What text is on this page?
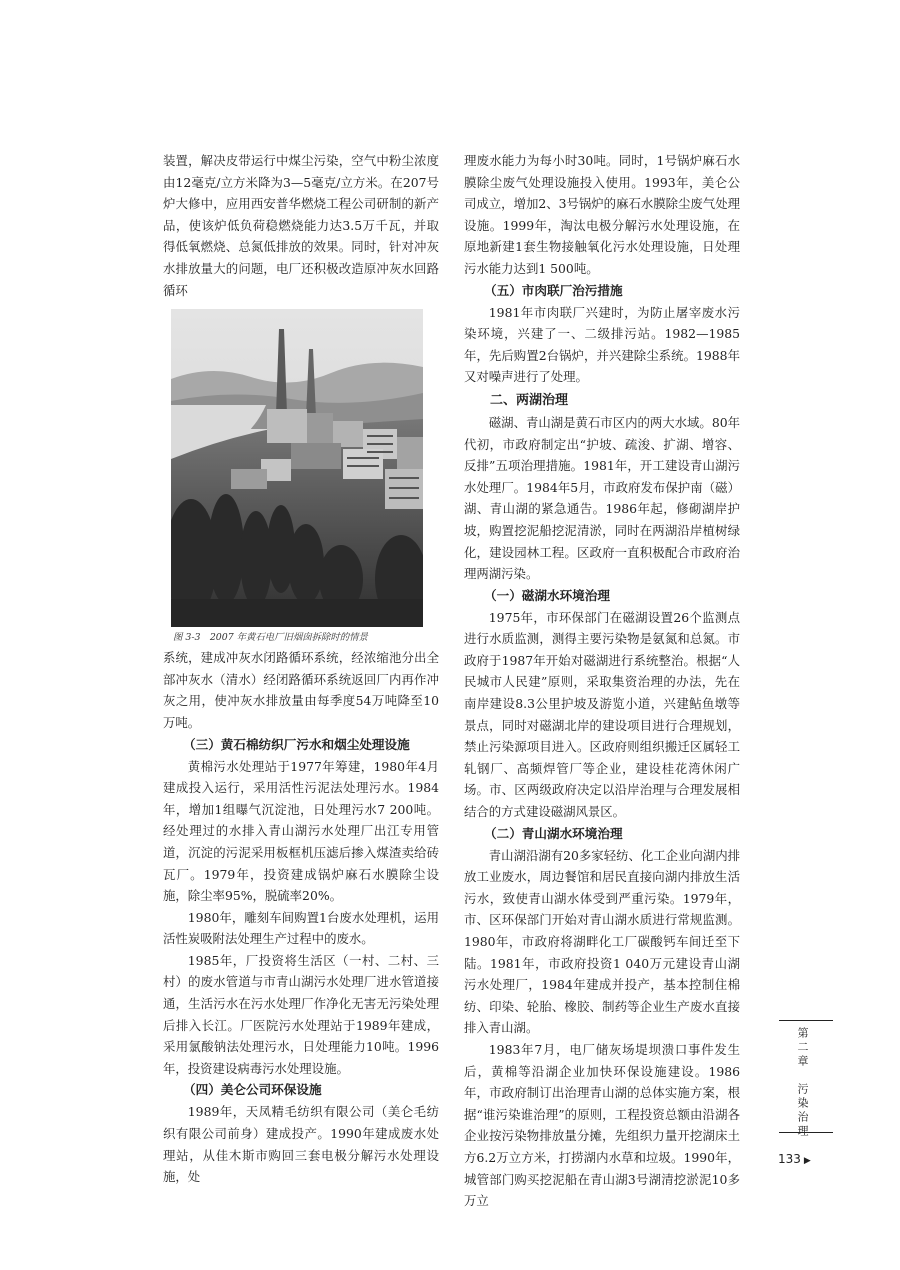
装置，解决皮带运行中煤尘污染，空气中粉尘浓度由12毫克/立方米降为3—5毫克/立方米。在207号炉大修中，应用西安普华燃烧工程公司研制的新产品，使该炉低负荷稳燃烧能力达3.5万千瓦，并取得低氧燃烧、总氮低排放的效果。同时，针对冲灰水排放量大的问题，电厂还积极改造原冲灰水回路循环

图 3-3　2007 年黄石电厂旧烟囱拆除时的情景

系统，建成冲灰水闭路循环系统，经浓缩池分出全部冲灰水（清水）经闭路循环系统返回厂内再作冲灰之用，使冲灰水排放量由每季度54万吨降至10万吨。

（三）黄石棉纺织厂污水和烟尘处理设施

黄棉污水处理站于1977年筹建，1980年4月建成投入运行，采用活性污泥法处理污水。1984年，增加1组曝气沉淀池，日处理污水7 200吨。经处理过的水排入青山湖污水处理厂出江专用管道，沉淀的污泥采用板框机压滤后掺入煤渣卖给砖瓦厂。1979年，投资建成锅炉麻石水膜除尘设施，除尘率95%，脱硫率20%。

1980年，雕刻车间购置1台废水处理机，运用活性炭吸附法处理生产过程中的废水。

1985年，厂投资将生活区（一村、二村、三村）的废水管道与市青山湖污水处理厂进水管道接通，生活污水在污水处理厂作净化无害无污染处理后排入长江。厂医院污水处理站于1989年建成，采用氯酸钠法处理污水，日处理能力10吨。1996年，投资建设病毒污水处理设施。

（四）美仑公司环保设施

1989年，天凤精毛纺织有限公司（美仑毛纺织有限公司前身）建成投产。1990年建成废水处理站，从佳木斯市购回三套电极分解污水处理设施，处

理废水能力为每小时30吨。同时，1号锅炉麻石水膜除尘废气处理设施投入使用。1993年，美仑公司成立，增加2、3号锅炉的麻石水膜除尘废气处理设施。1999年，淘汰电极分解污水处理设施，在原地新建1套生物接触氧化污水处理设施，日处理污水能力达到1 500吨。

（五）市肉联厂治污措施

1981年市肉联厂兴建时，为防止屠宰废水污染环境，兴建了一、二级排污站。1982—1985年，先后购置2台锅炉，并兴建除尘系统。1988年又对噪声进行了处理。

二、两湖治理

磁湖、青山湖是黄石市区内的两大水域。80年代初，市政府制定出“护坡、疏浚、扩湖、增容、反排”五项治理措施。1981年，开工建设青山湖污水处理厂。1984年5月，市政府发布保护南（磁）湖、青山湖的紧急通告。1986年起，修砌湖岸护坡，购置挖泥船挖泥清淤，同时在两湖沿岸植树绿化，建设园林工程。区政府一直积极配合市政府治理两湖污染。

（一）磁湖水环境治理

1975年，市环保部门在磁湖设置26个监测点进行水质监测，测得主要污染物是氨氮和总氮。市政府于1987年开始对磁湖进行系统整治。根据“人民城市人民建”原则，采取集资治理的办法，先在南岸建设8.3公里护坡及游览小道，兴建鲇鱼墩等景点，同时对磁湖北岸的建设项目进行合理规划，禁止污染源项目进入。区政府则组织搬迁区属轻工轧钢厂、高频焊管厂等企业，建设桂花湾休闲广场。市、区两级政府决定以沿岸治理与合理发展相结合的方式建设磁湖风景区。

（二）青山湖水环境治理

青山湖沿湖有20多家轻纺、化工企业向湖内排放工业废水，周边餐馆和居民直接向湖内排放生活污水，致使青山湖水体受到严重污染。1979年，市、区环保部门开始对青山湖水质进行常规监测。1980年，市政府将湖畔化工厂碳酸钙车间迁至下陆。1981年，市政府投资1 040万元建设青山湖污水处理厂，1984年建成并投产，基本控制住棉纺、印染、轮胎、橡胶、制药等企业生产废水直接排入青山湖。

1983年7月，电厂储灰场堤坝溃口事件发生后，黄棉等沿湖企业加快环保设施建设。1986年，市政府制订出治理青山湖的总体实施方案，根据“谁污染谁治理”的原则，工程投资总额由沿湖各企业按污染物排放量分摊，先组织力量开挖湖床土方6.2万立方米，打捞湖内水草和垃圾。1990年，城管部门购买挖泥船在青山湖3号湖清挖淤泥10多万立

第二章　污染治理
133 ▶
